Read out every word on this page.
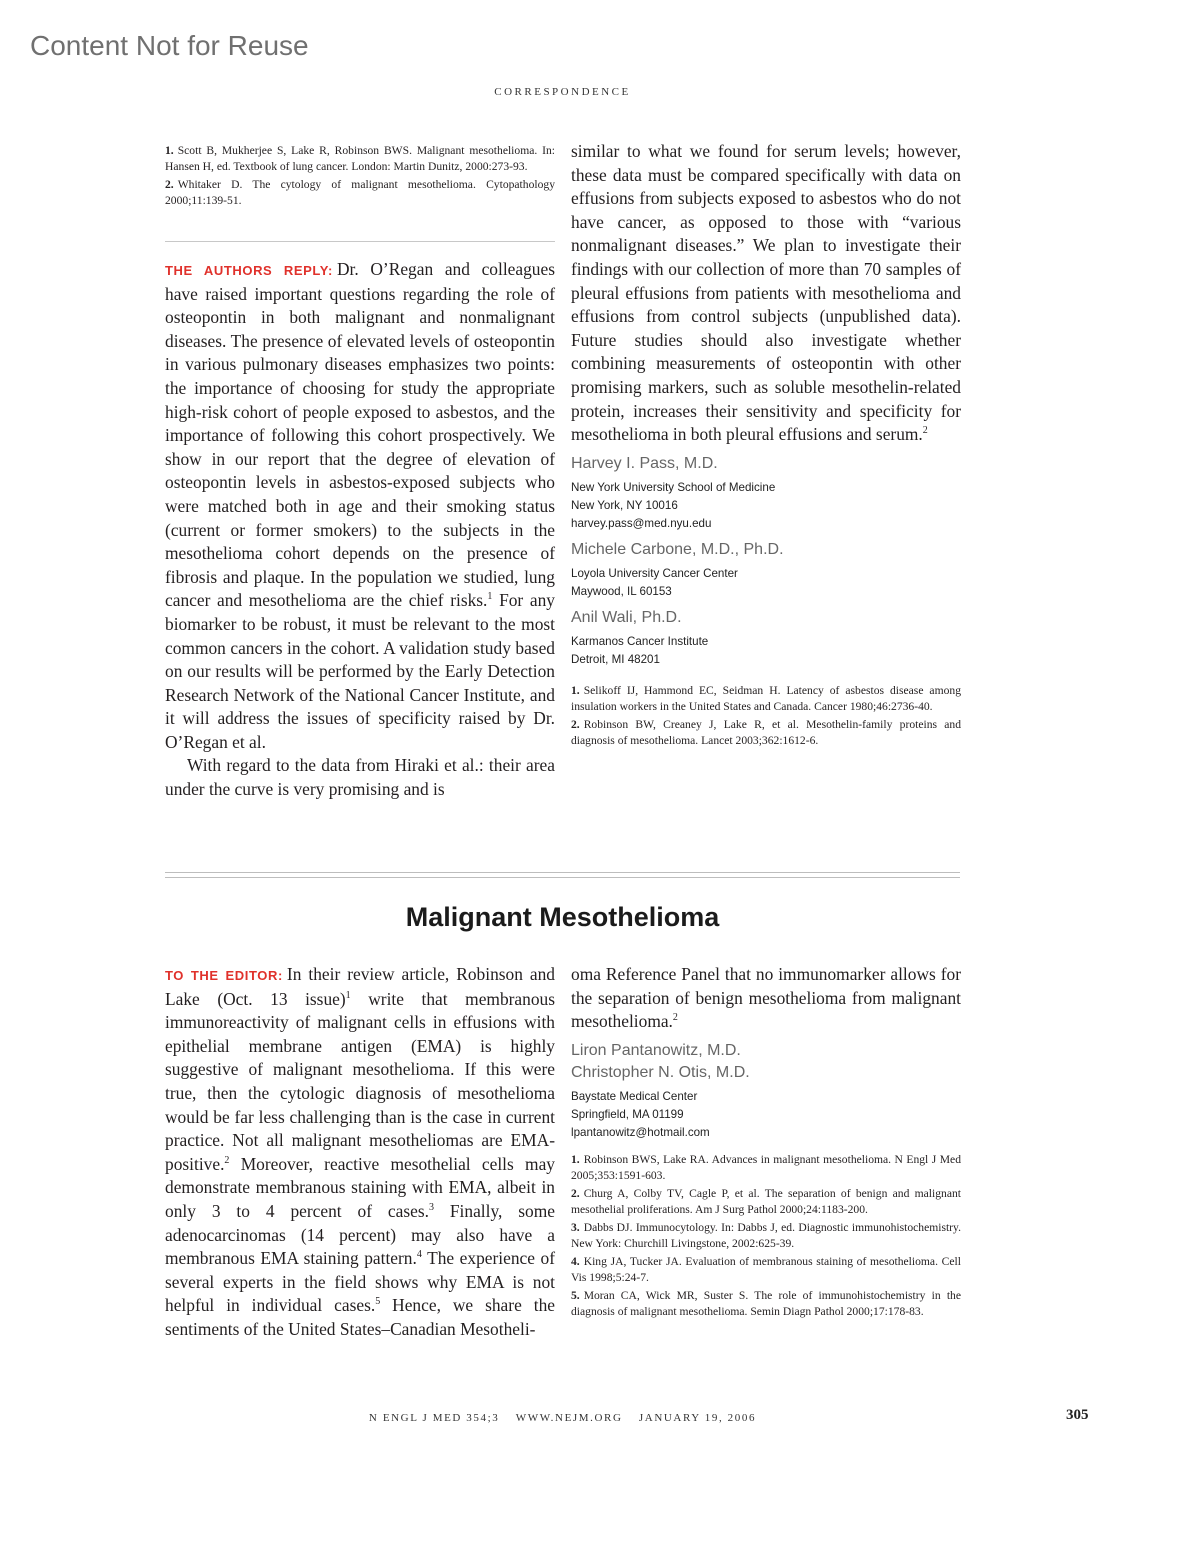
Content Not for Reuse
CORRESPONDENCE

1. Scott B, Mukherjee S, Lake R, Robinson BWS. Malignant mesothelioma. In: Hansen H, ed. Textbook of lung cancer. London: Martin Dunitz, 2000:273-93.

2. Whitaker D. The cytology of malignant mesothelioma. Cytopathology 2000;11:139-51.

THE AUTHORS REPLY: Dr. O’Regan and colleagues have raised important questions regarding the role of osteopontin in both malignant and nonmalignant diseases. The presence of elevated levels of osteopontin in various pulmonary diseases emphasizes two points: the importance of choosing for study the appropriate high-risk cohort of people exposed to asbestos, and the importance of following this cohort prospectively. We show in our report that the degree of elevation of osteopontin levels in asbestos-exposed subjects who were matched both in age and their smoking status (current or former smokers) to the subjects in the mesothelioma cohort depends on the presence of fibrosis and plaque. In the population we studied, lung cancer and mesothelioma are the chief risks.$^1$ For any biomarker to be robust, it must be relevant to the most common cancers in the cohort. A validation study based on our results will be performed by the Early Detection Research Network of the National Cancer Institute, and it will address the issues of specificity raised by Dr. O’Regan et al.

With regard to the data from Hiraki et al.: their area under the curve is very promising and is

similar to what we found for serum levels; however, these data must be compared specifically with data on effusions from subjects exposed to asbestos who do not have cancer, as opposed to those with “various nonmalignant diseases.” We plan to investigate their findings with our collection of more than 70 samples of pleural effusions from patients with mesothelioma and effusions from control subjects (unpublished data). Future studies should also investigate whether combining measurements of osteopontin with other promising markers, such as soluble mesothelin-related protein, increases their sensitivity and specificity for mesothelioma in both pleural effusions and serum.$^2$

Harvey I. Pass, M.D.

New York University School of Medicine

New York, NY 10016

harvey.pass@med.nyu.edu

Michele Carbone, M.D., Ph.D.

Loyola University Cancer Center

Maywood, IL 60153

Anil Wali, Ph.D.

Karmanos Cancer Institute

Detroit, MI 48201

1. Selikoff IJ, Hammond EC, Seidman H. Latency of asbestos disease among insulation workers in the United States and Canada. Cancer 1980;46:2736-40.

2. Robinson BW, Creaney J, Lake R, et al. Mesothelin-family proteins and diagnosis of mesothelioma. Lancet 2003;362:1612-6.

Malignant Mesothelioma

TO THE EDITOR: In their review article, Robinson and Lake (Oct. 13 issue)$^1$ write that membranous immunoreactivity of malignant cells in effusions with epithelial membrane antigen (EMA) is highly suggestive of malignant mesothelioma. If this were true, then the cytologic diagnosis of mesothelioma would be far less challenging than is the case in current practice. Not all malignant mesotheliomas are EMA-positive.$^2$ Moreover, reactive mesothelial cells may demonstrate membranous staining with EMA, albeit in only 3 to 4 percent of cases.$^3$ Finally, some adenocarcinomas (14 percent) may also have a membranous EMA staining pattern.$^4$ The experience of several experts in the field shows why EMA is not helpful in individual cases.$^5$ Hence, we share the sentiments of the United States–Canadian Mesotheli-

oma Reference Panel that no immunomarker allows for the separation of benign mesothelioma from malignant mesothelioma.$^2$

Liron Pantanowitz, M.D.

Christopher N. Otis, M.D.

Baystate Medical Center

Springfield, MA 01199

lpantanowitz@hotmail.com

1. Robinson BWS, Lake RA. Advances in malignant mesothelioma. N Engl J Med 2005;353:1591-603.

2. Churg A, Colby TV, Cagle P, et al. The separation of benign and malignant mesothelial proliferations. Am J Surg Pathol 2000;24:1183-200.

3. Dabbs DJ. Immunocytology. In: Dabbs J, ed. Diagnostic immunohistochemistry. New York: Churchill Livingstone, 2002:625-39.

4. King JA, Tucker JA. Evaluation of membranous staining of mesothelioma. Cell Vis 1998;5:24-7.

5. Moran CA, Wick MR, Suster S. The role of immunohistochemistry in the diagnosis of malignant mesothelioma. Semin Diagn Pathol 2000;17:178-83.

N ENGL J MED 354;3 WWW.NEJM.ORG JANUARY 19, 2006	305
